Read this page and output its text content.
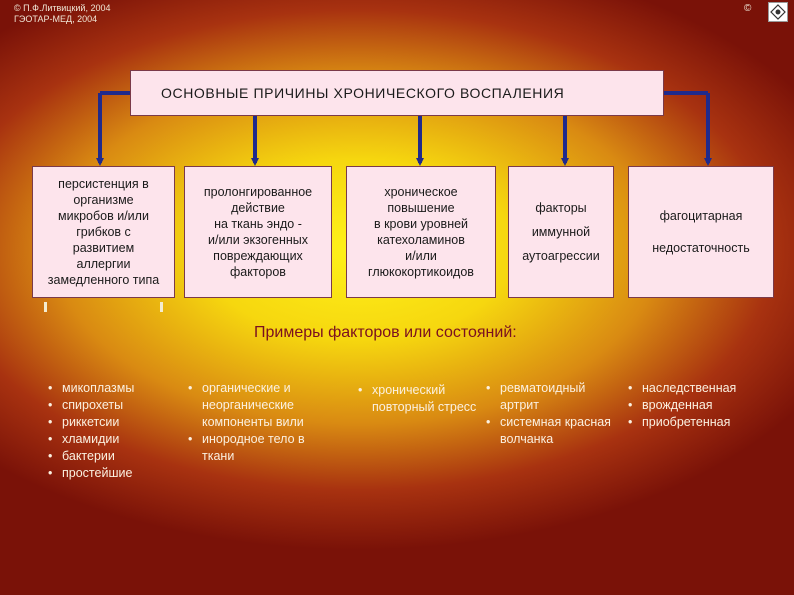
© П.Ф.Литвицкий, 2004
ГЭОТАР-МЕД, 2004
©
ОСНОВНЫЕ ПРИЧИНЫ ХРОНИЧЕСКОГО ВОСПАЛЕНИЯ
персистенция в
организме
микробов и/или
грибков с
развитием
аллергии
замедленного типа
пролонгированное
действие
на ткань эндо -
и/или экзогенных
повреждающих
факторов
хроническое
повышение
в крови уровней
катехоламинов
и/или
глюкокортикоидов
факторы
иммунной
аутоагрессии
фагоцитарная
недостаточность
Примеры факторов или состояний:
• микоплазмы
• спирохеты
• риккетсии
• хламидии
• бактерии
• простейшие
• органические и неорганические компоненты вили
• инородное тело в ткани
• хронический повторный стресс
• ревматоидный артрит
• системная красная волчанка
• наследственная
• врожденная
• приобретенная
